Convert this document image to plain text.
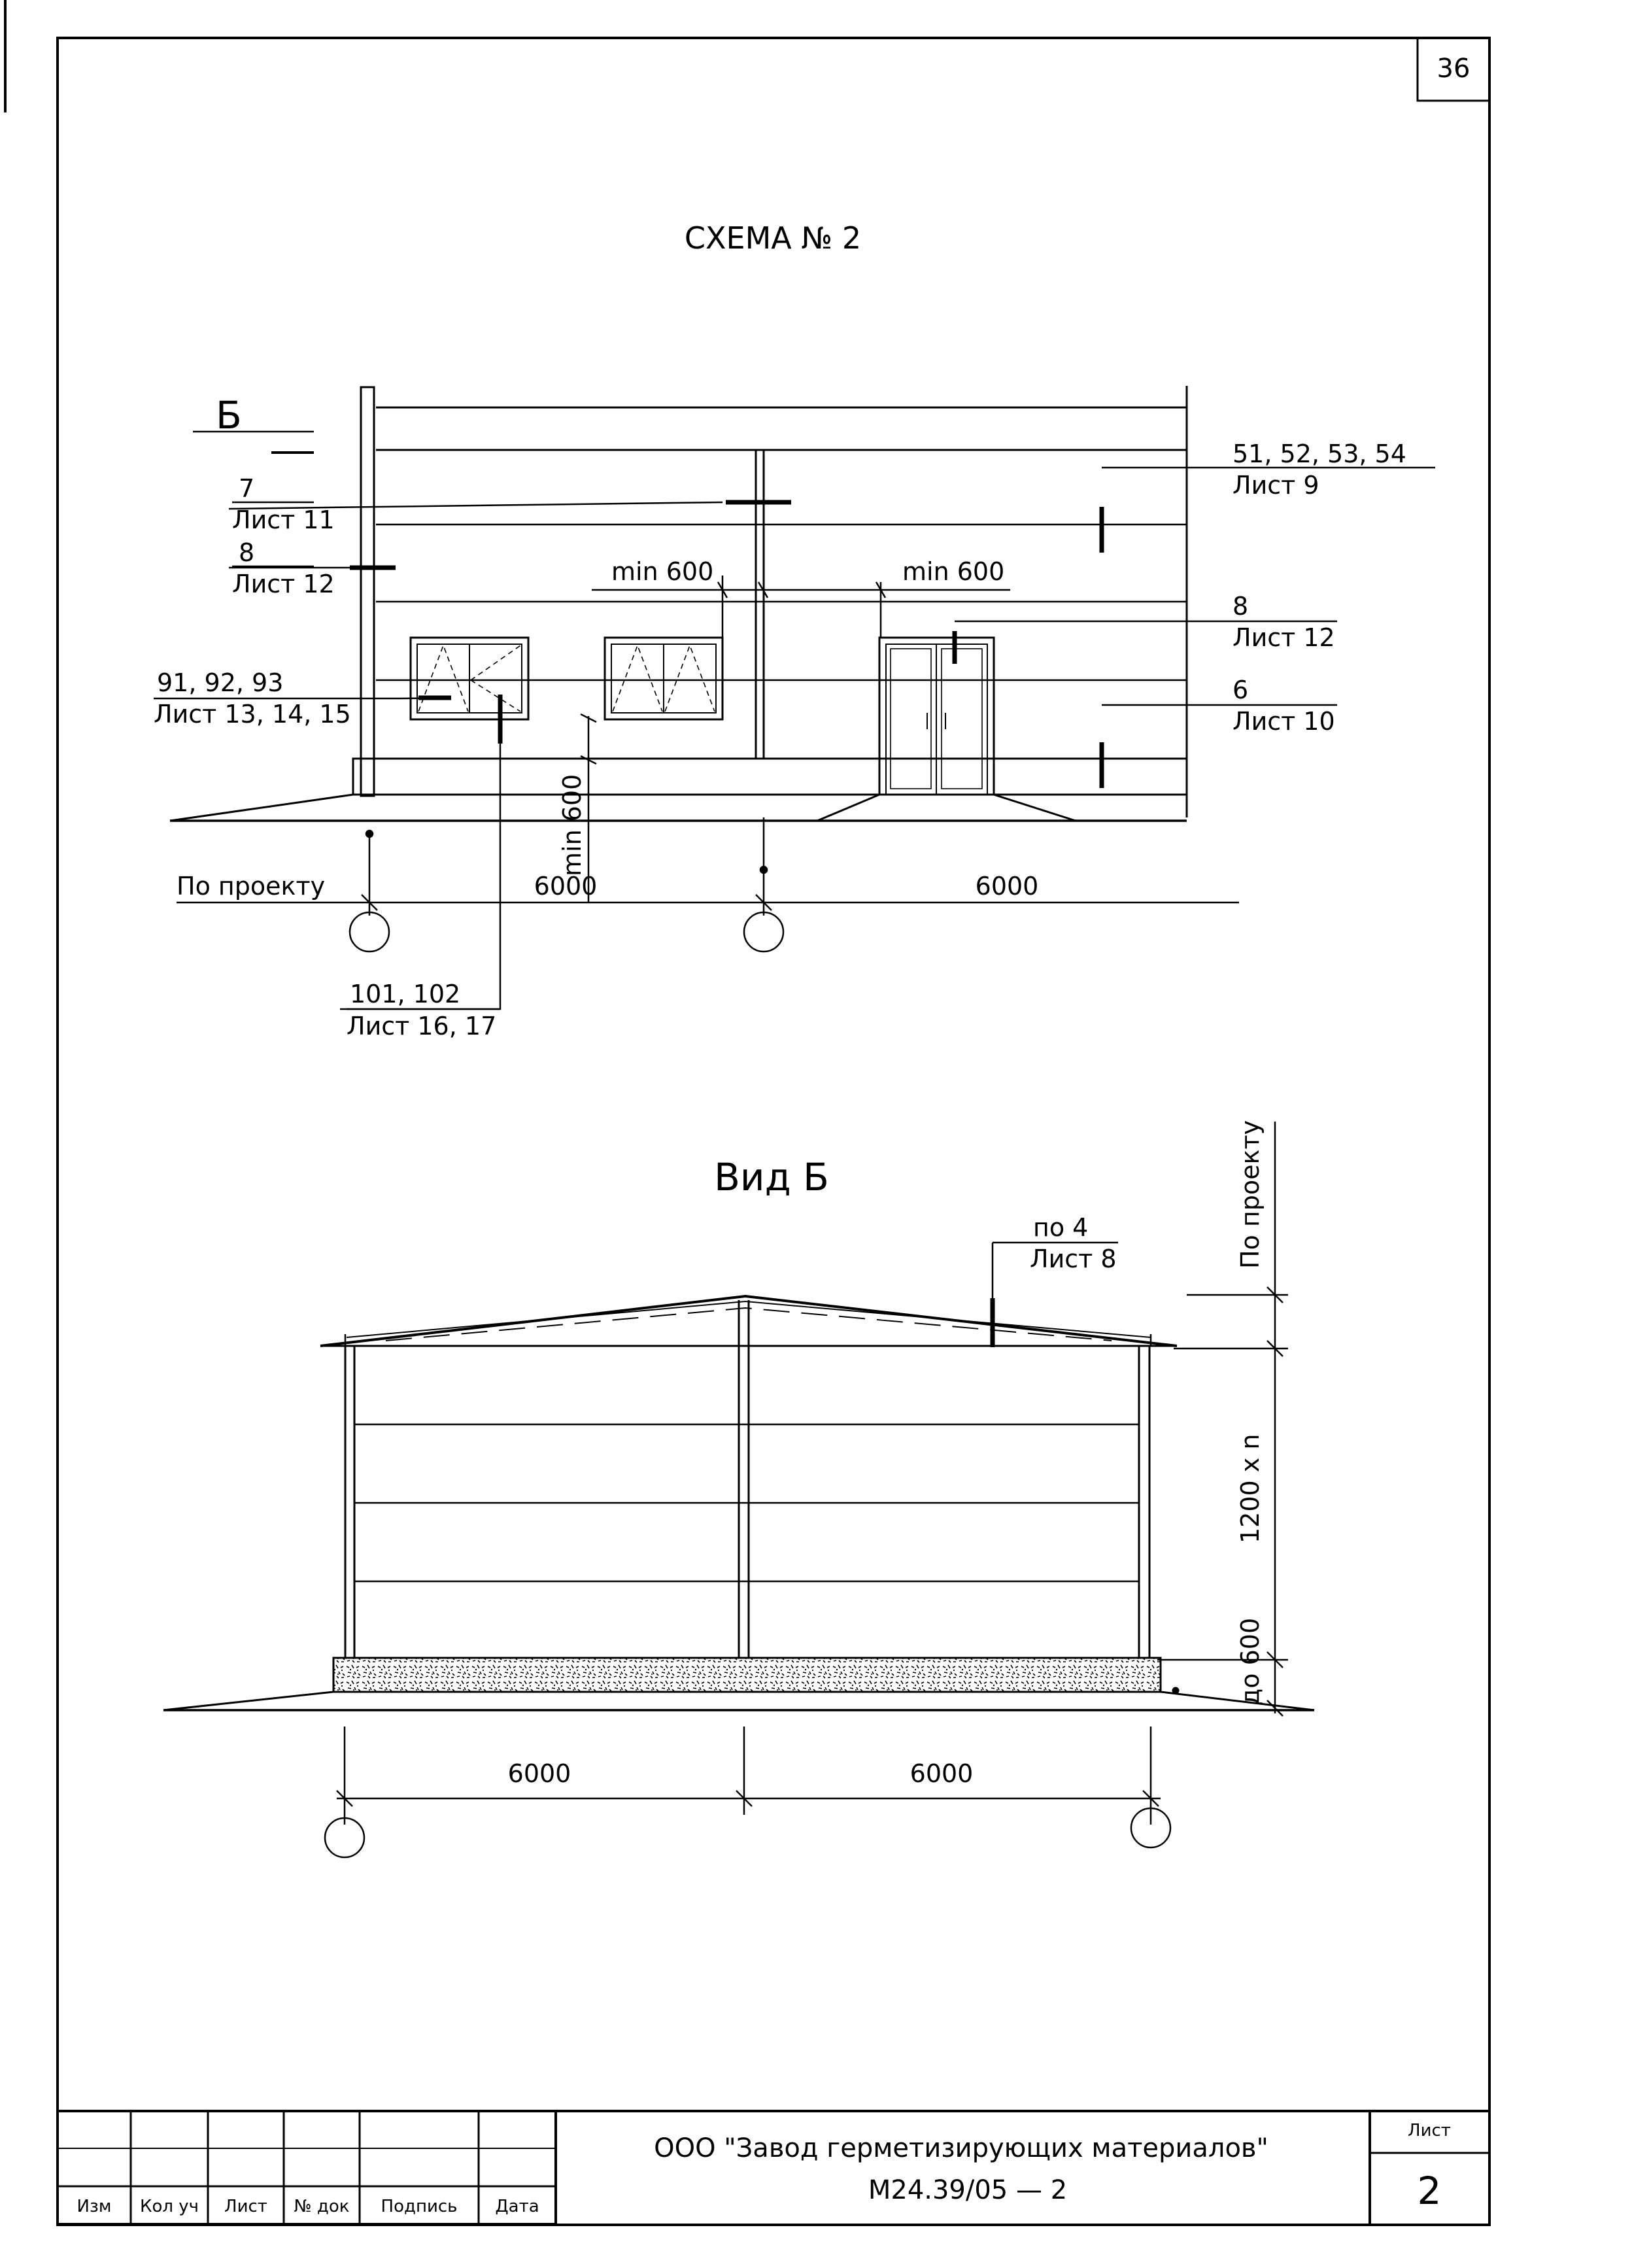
36
СХЕМА № 2
Б
7
Лист 11
8
Лист 12
91, 92, 93
Лист 13, 14, 15
51, 52, 53, 54
Лист 9
8
Лист 12
6
Лист 10
101, 102
Лист 16, 17
min 600	min 600
min 600
По проекту	6000	6000
Вид Б
по 4
Лист 8	По проекту
1200 x n
до 600
6000	6000
Изм Кол уч Лист № док Подпись Дата
ООО "Завод герметизирующих материалов"
М24.39/05 — 2
Лист
2
